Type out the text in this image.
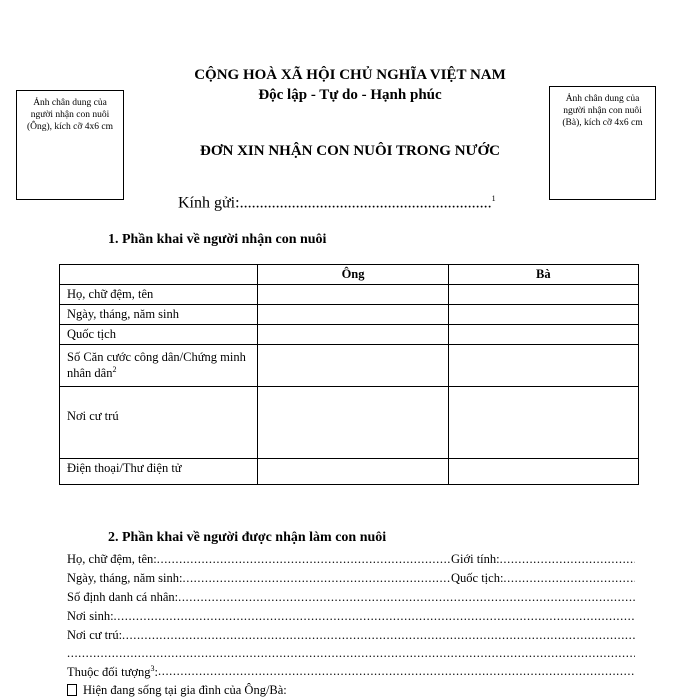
Ảnh chân dung của người nhận con nuôi (Ông), kích cỡ 4x6 cm
Ảnh chân dung của người nhận con nuôi (Bà), kích cỡ 4x6 cm
CỘNG HOÀ XÃ HỘI CHỦ NGHĨA VIỆT NAM
Độc lập - Tự do - Hạnh phúc
ĐƠN XIN NHẬN CON NUÔI TRONG NƯỚC
Kính gửi:...............................................................$^1$
1. Phần khai về người nhận con nuôi
	Ông	Bà
Họ, chữ đệm, tên		
Ngày, tháng, năm sinh		
Quốc tịch		
Số Căn cước công dân/Chứng minh nhân dân$^2$		
Nơi cư trú		
Điện thoại/Thư điện tử		
2. Phần khai về người được nhận làm con nuôi
Họ, chữ đệm, tên: .....	Giới tính:
.....
Ngày, tháng, năm sinh: .....	Quốc tịch:
.....
Số định danh cá nhân:
.....
Nơi sinh:
.....
Nơi cư trú:
.....
.....
Thuộc đối tượng$^3$:
.....
Hiện đang sống tại gia đình của Ông/Bà:
